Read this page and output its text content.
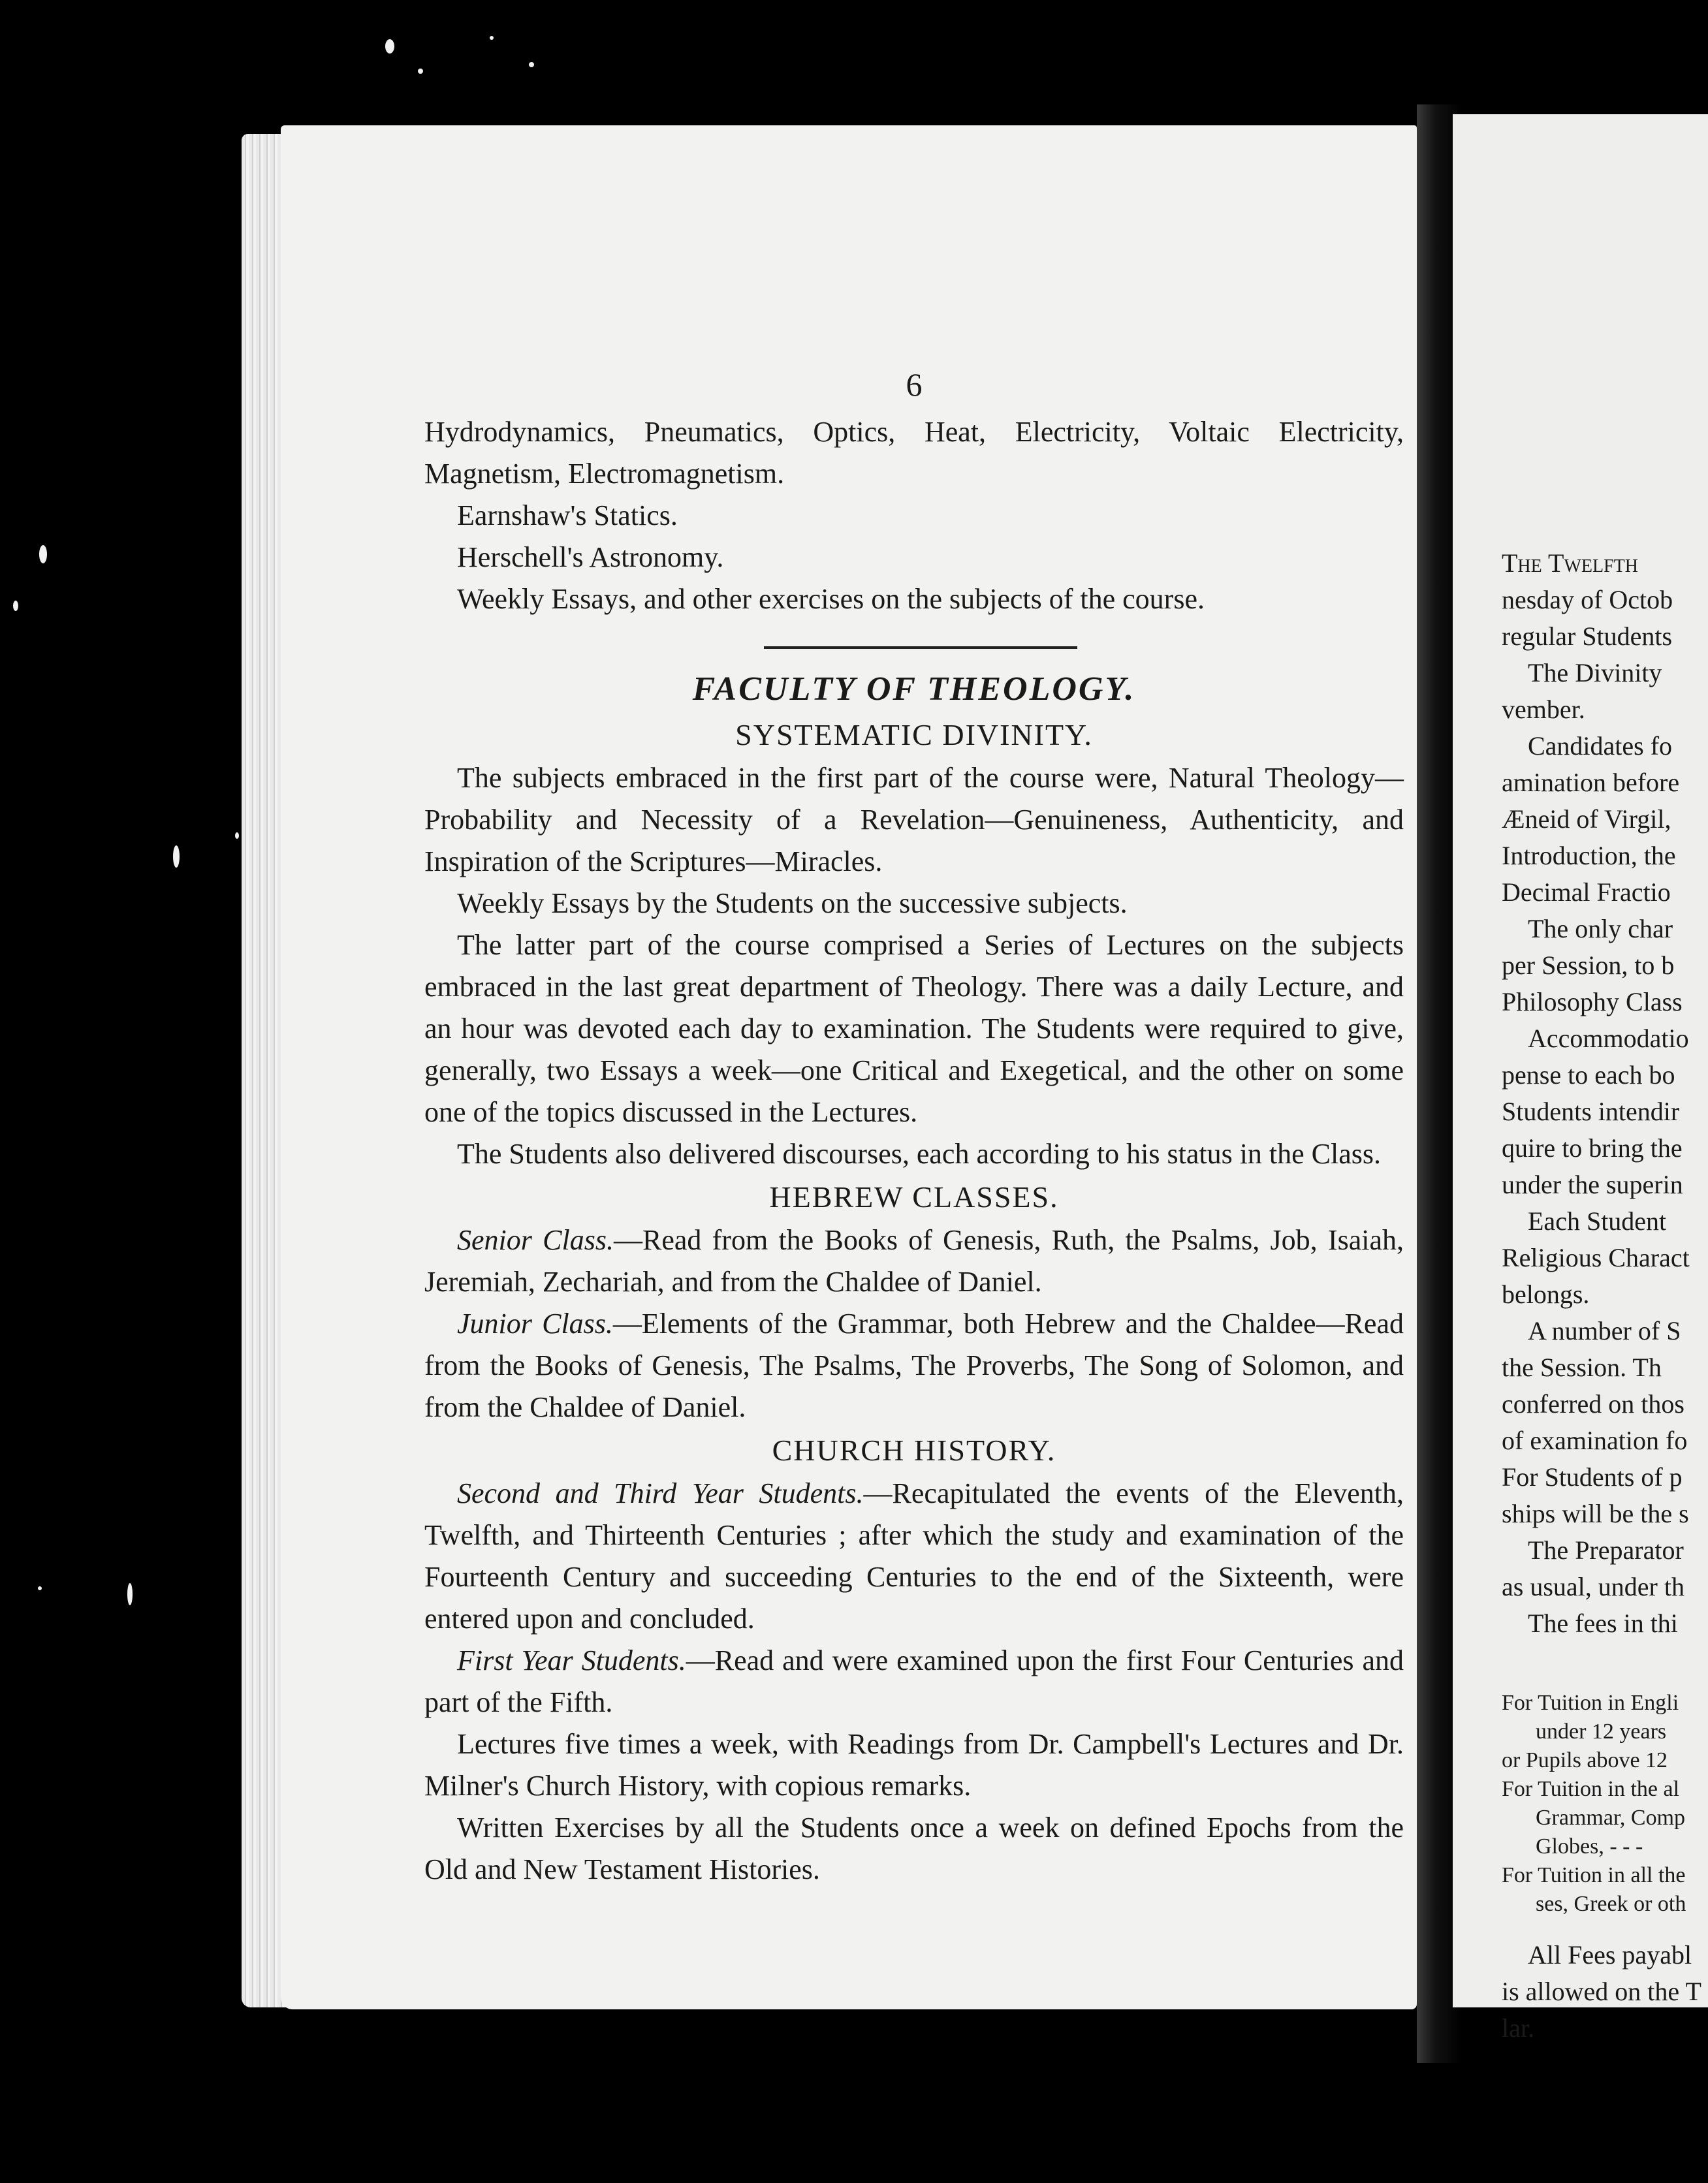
6

Hydrodynamics, Pneumatics, Optics, Heat, Electricity, Voltaic Electricity, Magnetism, Electromagnetism.

Earnshaw's Statics.

Herschell's Astronomy.

Weekly Essays, and other exercises on the subjects of the course.

FACULTY OF THEOLOGY.
SYSTEMATIC DIVINITY.

The subjects embraced in the first part of the course were, Natural Theology—Probability and Necessity of a Revelation—Genuineness, Authenticity, and Inspiration of the Scriptures—Miracles.

Weekly Essays by the Students on the successive subjects.

The latter part of the course comprised a Series of Lectures on the subjects embraced in the last great department of Theology. There was a daily Lecture, and an hour was devoted each day to examination. The Students were required to give, generally, two Essays a week—one Critical and Exegetical, and the other on some one of the topics discussed in the Lectures.

The Students also delivered discourses, each according to his status in the Class.

HEBREW CLASSES.

Senior Class.—Read from the Books of Genesis, Ruth, the Psalms, Job, Isaiah, Jeremiah, Zechariah, and from the Chaldee of Daniel.

Junior Class.—Elements of the Grammar, both Hebrew and the Chaldee—Read from the Books of Genesis, The Psalms, The Proverbs, The Song of Solomon, and from the Chaldee of Daniel.

CHURCH HISTORY.

Second and Third Year Students.—Recapitulated the events of the Eleventh, Twelfth, and Thirteenth Centuries ; after which the study and examination of the Fourteenth Century and succeeding Centuries to the end of the Sixteenth, were entered upon and concluded.

First Year Students.—Read and were examined upon the first Four Centuries and part of the Fifth.

Lectures five times a week, with Readings from Dr. Campbell's Lectures and Dr. Milner's Church History, with copious remarks.

Written Exercises by all the Students once a week on defined Epochs from the Old and New Testament Histories.

The Twelfth

nesday of Octob

regular Students

The Divinity

vember.

Candidates fo

amination before

Æneid of Virgil,

Introduction, the

Decimal Fractio

The only char

per Session, to b

Philosophy Class

Accommodatio

pense to each bo

Students intendir

quire to bring the

under the superin

Each Student

Religious Charact

belongs.

A number of S

the Session. Th

conferred on thos

of examination fo

For Students of p

ships will be the s

The Preparator

as usual, under th

The fees in thi

For Tuition in Engli

under 12 years

or Pupils above 12

For Tuition in the al

Grammar, Comp

Globes, - - -

For Tuition in all the

ses, Greek or oth

All Fees payabl

is allowed on the T

lar.
